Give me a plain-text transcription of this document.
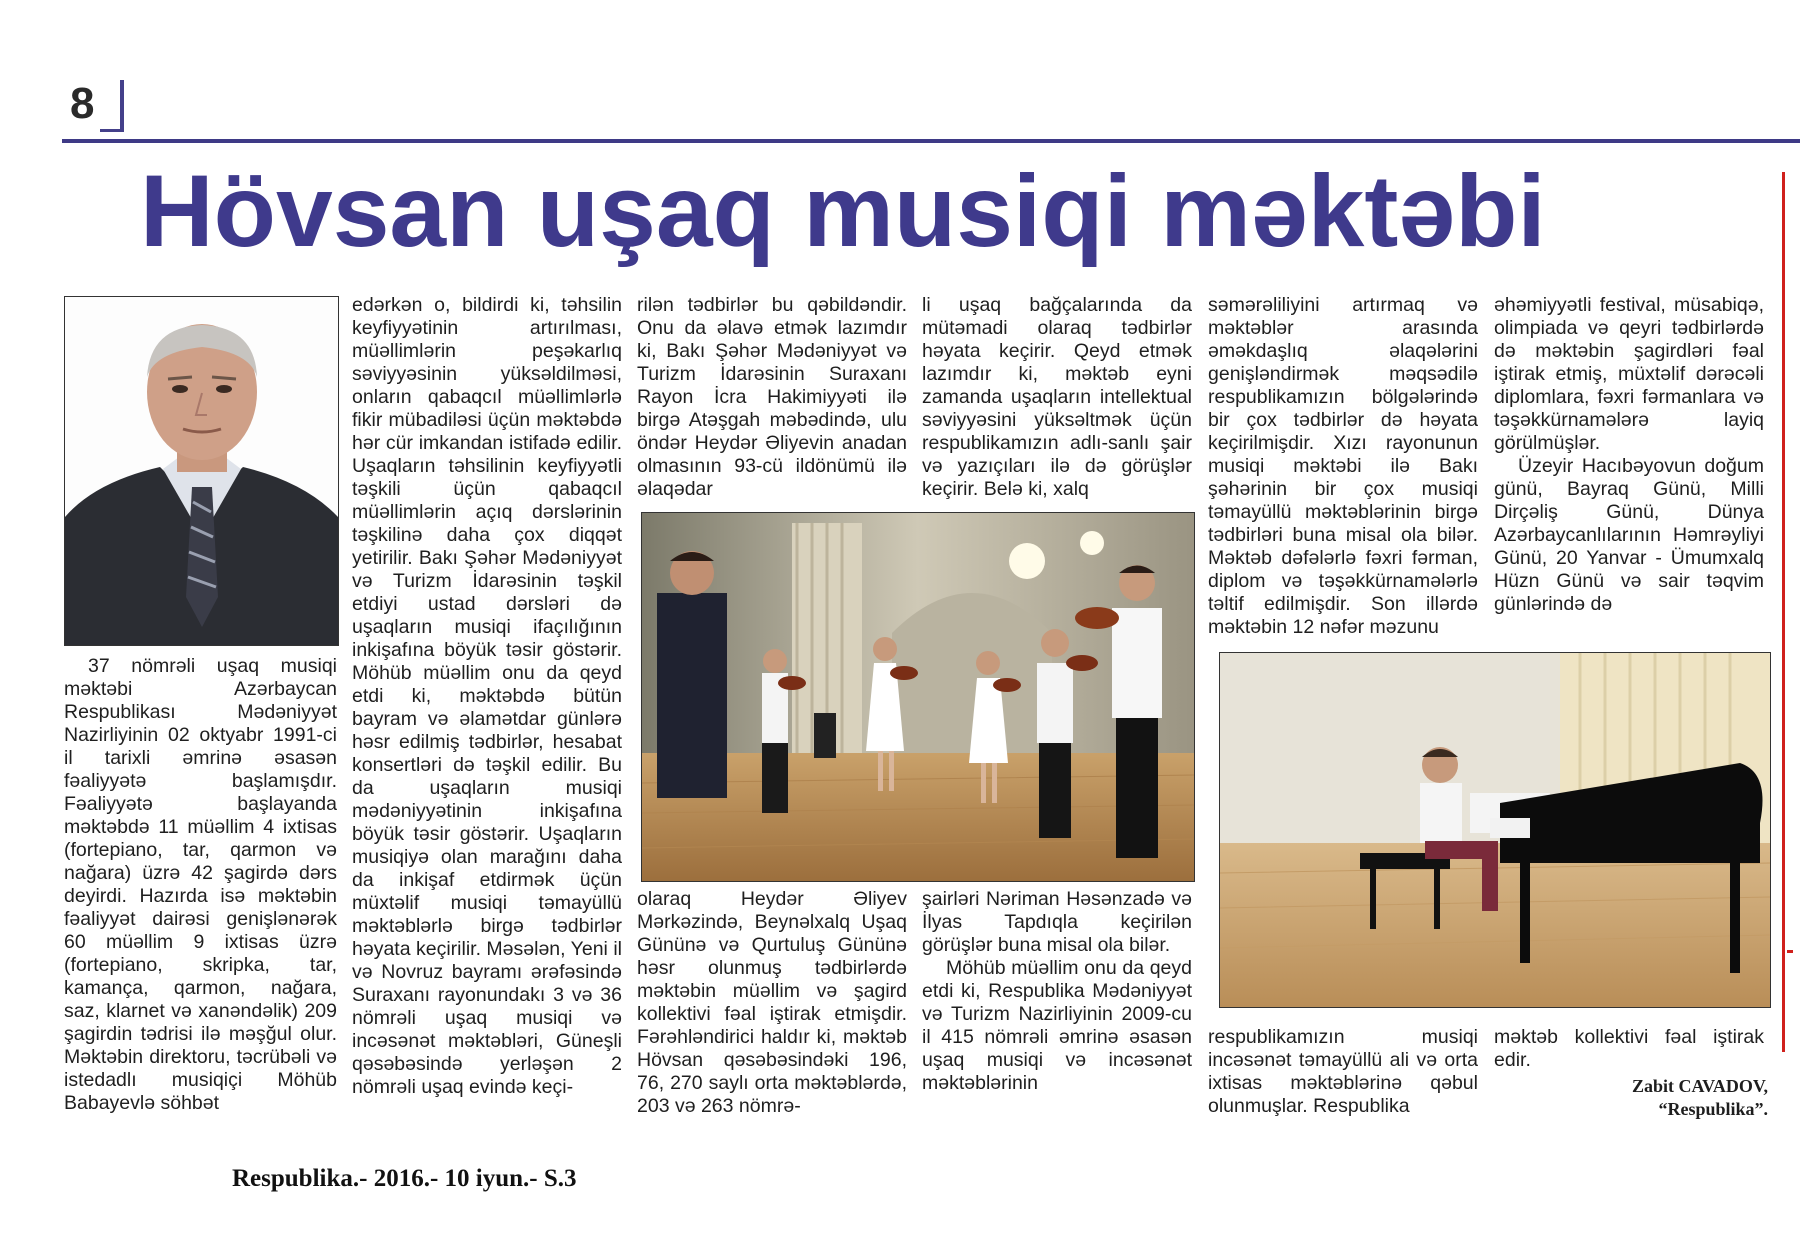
8
Hövsan uşaq musiqi məktəbi

37 nömrəli uşaq musiqi məktəbi Azərbaycan Respublikası Mədəniyyət Nazirliyinin 02 oktyabr 1991-ci il tarixli əmrinə əsasən fəaliyyətə başlamışdır. Fəaliyyətə başlayanda məktəbdə 11 müəllim 4 ixtisas (fortepiano, tar, qarmon və nağara) üzrə 42 şagirdə dərs deyirdi. Hazırda isə məktəbin fəaliyyət dairəsi genişlənərək 60 müəllim 9 ixtisas üzrə (fortepiano, skripka, tar, kamança, qarmon, nağara, saz, klarnet və xanəndəlik) 209 şagirdin tədrisi ilə məşğul olur. Məktəbin direktoru, təcrübəli və istedadlı musiqiçi Möhüb Babayevlə söhbət

edərkən o, bildirdi ki, təhsilin keyfiyyətinin artırılması, müəllimlərin peşəkarlıq səviyyəsinin yüksəldilməsi, onların qabaqcıl müəllimlərlə fikir mübadiləsi üçün məktəbdə hər cür imkandan istifadə edilir. Uşaqların təhsilinin keyfiyyətli təşkili üçün qabaqcıl müəllimlərin açıq dərslərinin təşkilinə daha çox diqqət yetirilir. Bakı Şəhər Mədəniyyət və Turizm İdarəsinin təşkil etdiyi ustad dərsləri də uşaqların musiqi ifaçılığının inkişafına böyük təsir göstərir. Möhüb müəllim onu da qeyd etdi ki, məktəbdə bütün bayram və əlamətdar günlərə həsr edilmiş tədbirlər, hesabat konsertləri də təşkil edilir. Bu da uşaqların musiqi mədəniyyətinin inkişafına böyük təsir göstərir. Uşaqların musiqiyə olan marağını daha da inkişaf etdirmək üçün müxtəlif musiqi təmayüllü məktəblərlə birgə tədbirlər həyata keçirilir. Məsələn, Yeni il və Novruz bayramı ərəfəsində Suraxanı rayonundakı 3 və 36 nömrəli uşaq musiqi və incəsənət məktəbləri, Güneşli qəsəbəsində yerləşən 2 nömrəli uşaq evində keçi-

rilən tədbirlər bu qəbildəndir. Onu da əlavə etmək lazımdır ki, Bakı Şəhər Mədəniyyət və Turizm İdarəsinin Suraxanı Rayon İcra Hakimiyyəti ilə birgə Atəşgah məbədində, ulu öndər Heydər Əliyevin anadan olmasının 93-cü ildönümü ilə əlaqədar

li uşaq bağçalarında da mütəmadi olaraq tədbirlər həyata keçirir. Qeyd etmək lazımdır ki, məktəb eyni zamanda uşaqların intellektual səviyyəsini yüksəltmək üçün respublikamızın adlı-sanlı şair və yazıçıları ilə də görüşlər keçirir. Belə ki, xalq

olaraq Heydər Əliyev Mərkəzində, Beynəlxalq Uşaq Gününə və Qurtuluş Gününə həsr olunmuş tədbirlərdə məktəbin müəllim və şagird kollektivi fəal iştirak etmişdir. Fərəhləndirici haldır ki, məktəb Hövsan qəsəbəsindəki 196, 76, 270 saylı orta məktəblərdə, 203 və 263 nömrə-

şairləri Nəriman Həsənzadə və İlyas Tapdıqla keçirilən görüşlər buna misal ola bilər.

Möhüb müəllim onu da qeyd etdi ki, Respublika Mədəniyyət və Turizm Nazirliyinin 2009-cu il 415 nömrəli əmrinə əsasən uşaq musiqi və incəsənət məktəblərinin

səmərəliliyini artırmaq və məktəblər arasında əməkdaşlıq əlaqələrini genişləndirmək məqsədilə respublikamızın bölgələrində bir çox tədbirlər də həyata keçirilmişdir. Xızı rayonunun musiqi məktəbi ilə Bakı şəhərinin bir çox musiqi təmayüllü məktəblərinin birgə tədbirləri buna misal ola bilər. Məktəb dəfələrlə fəxri fərman, diplom və təşəkkürnamələrlə təltif edilmişdir. Son illərdə məktəbin 12 nəfər məzunu

əhəmiyyətli festival, müsabiqə, olimpiada və qeyri tədbirlərdə də məktəbin şagirdləri fəal iştirak etmiş, müxtəlif dərəcəli diplomlara, fəxri fərmanlara və təşəkkürnamələrə layiq görülmüşlər.

Üzeyir Hacıbəyovun doğum günü, Bayraq Günü, Milli Dirçəliş Günü, Dünya Azərbaycanlılarının Həmrəyliyi Günü, 20 Yanvar - Ümumxalq Hüzn Günü və sair təqvim günlərində də

respublikamızın musiqi incəsənət təmayüllü ali və orta ixtisas məktəblərinə qəbul olunmuşlar. Respublika

məktəb kollektivi fəal iştirak edir.

Zabit CAVADOV,
“Respublika”.
Respublika.- 2016.- 10 iyun.- S.3
